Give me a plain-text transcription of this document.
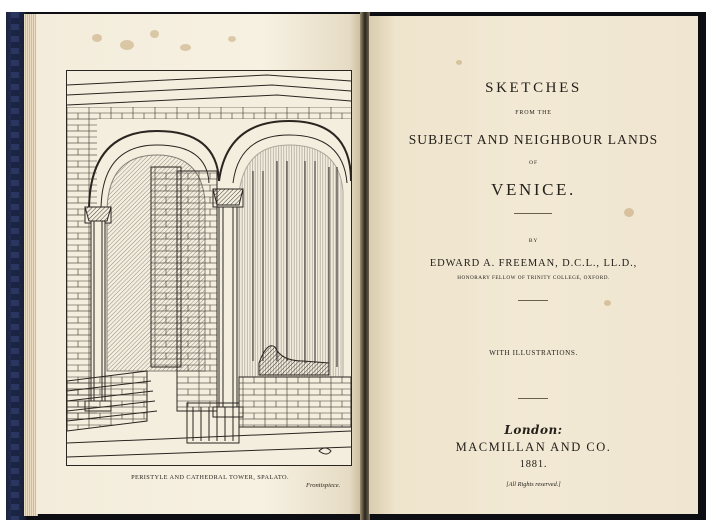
PERISTYLE AND CATHEDRAL TOWER, SPALATO.
Frontispiece.
SKETCHES
FROM THE
SUBJECT AND NEIGHBOUR LANDS
OF
VENICE.
BY
EDWARD A. FREEMAN, D.C.L., LL.D.,
HONORARY FELLOW OF TRINITY COLLEGE, OXFORD.
WITH ILLUSTRATIONS.
London:
MACMILLAN AND CO.
1881.
[All Rights reserved.]
